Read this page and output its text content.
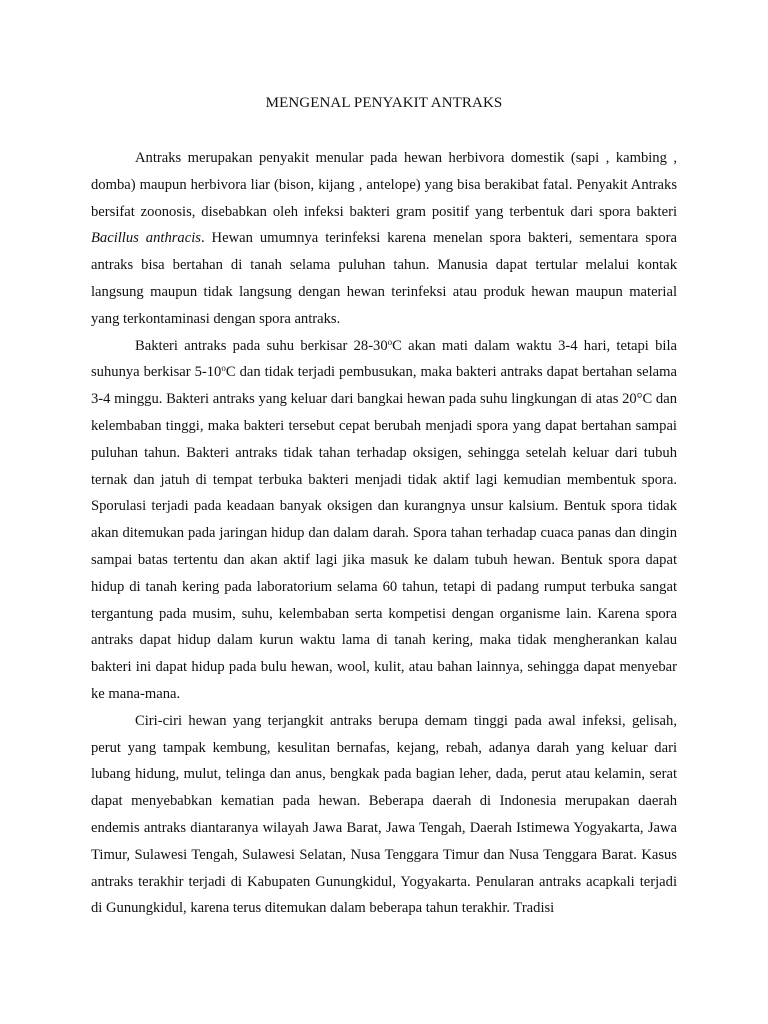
MENGENAL PENYAKIT ANTRAKS

Antraks merupakan penyakit menular pada hewan herbivora domestik (sapi , kambing , domba) maupun herbivora liar (bison, kijang , antelope) yang bisa berakibat fatal. Penyakit Antraks bersifat zoonosis, disebabkan oleh infeksi bakteri gram positif yang terbentuk dari spora bakteri Bacillus anthracis. Hewan umumnya terinfeksi karena menelan spora bakteri, sementara spora antraks bisa bertahan di tanah selama puluhan tahun. Manusia dapat tertular melalui kontak langsung maupun tidak langsung dengan hewan terinfeksi atau produk hewan maupun material yang terkontaminasi dengan spora antraks.

Bakteri antraks pada suhu berkisar 28-30$^o$C akan mati dalam waktu 3-4 hari, tetapi bila suhunya berkisar 5-10$^o$C dan tidak terjadi pembusukan, maka bakteri antraks dapat bertahan selama 3-4 minggu. Bakteri antraks yang keluar dari bangkai hewan pada suhu lingkungan di atas 20°C dan kelembaban tinggi, maka bakteri tersebut cepat berubah menjadi spora yang dapat bertahan sampai puluhan tahun. Bakteri antraks tidak tahan terhadap oksigen, sehingga setelah keluar dari tubuh ternak dan jatuh di tempat terbuka bakteri menjadi tidak aktif lagi kemudian membentuk spora. Sporulasi terjadi pada keadaan banyak oksigen dan kurangnya unsur kalsium. Bentuk spora tidak akan ditemukan pada jaringan hidup dan dalam darah. Spora tahan terhadap cuaca panas dan dingin sampai batas tertentu dan akan aktif lagi jika masuk ke dalam tubuh hewan. Bentuk spora dapat hidup di tanah kering pada laboratorium selama 60 tahun, tetapi di padang rumput terbuka sangat tergantung pada musim, suhu, kelembaban serta kompetisi dengan organisme lain. Karena spora antraks dapat hidup dalam kurun waktu lama di tanah kering, maka tidak mengherankan kalau bakteri ini dapat hidup pada bulu hewan, wool, kulit, atau bahan lainnya, sehingga dapat menyebar ke mana-mana.

Ciri-ciri hewan yang terjangkit antraks berupa demam tinggi pada awal infeksi, gelisah, perut yang tampak kembung, kesulitan bernafas, kejang, rebah, adanya darah yang keluar dari lubang hidung, mulut, telinga dan anus, bengkak pada bagian leher, dada, perut atau kelamin, serat dapat menyebabkan kematian pada hewan. Beberapa daerah di Indonesia merupakan daerah endemis antraks diantaranya wilayah Jawa Barat, Jawa Tengah, Daerah Istimewa Yogyakarta, Jawa Timur, Sulawesi Tengah, Sulawesi Selatan, Nusa Tenggara Timur dan Nusa Tenggara Barat. Kasus antraks terakhir terjadi di Kabupaten Gunungkidul, Yogyakarta. Penularan antraks acapkali terjadi di Gunungkidul, karena terus ditemukan dalam beberapa tahun terakhir. Tradisi
